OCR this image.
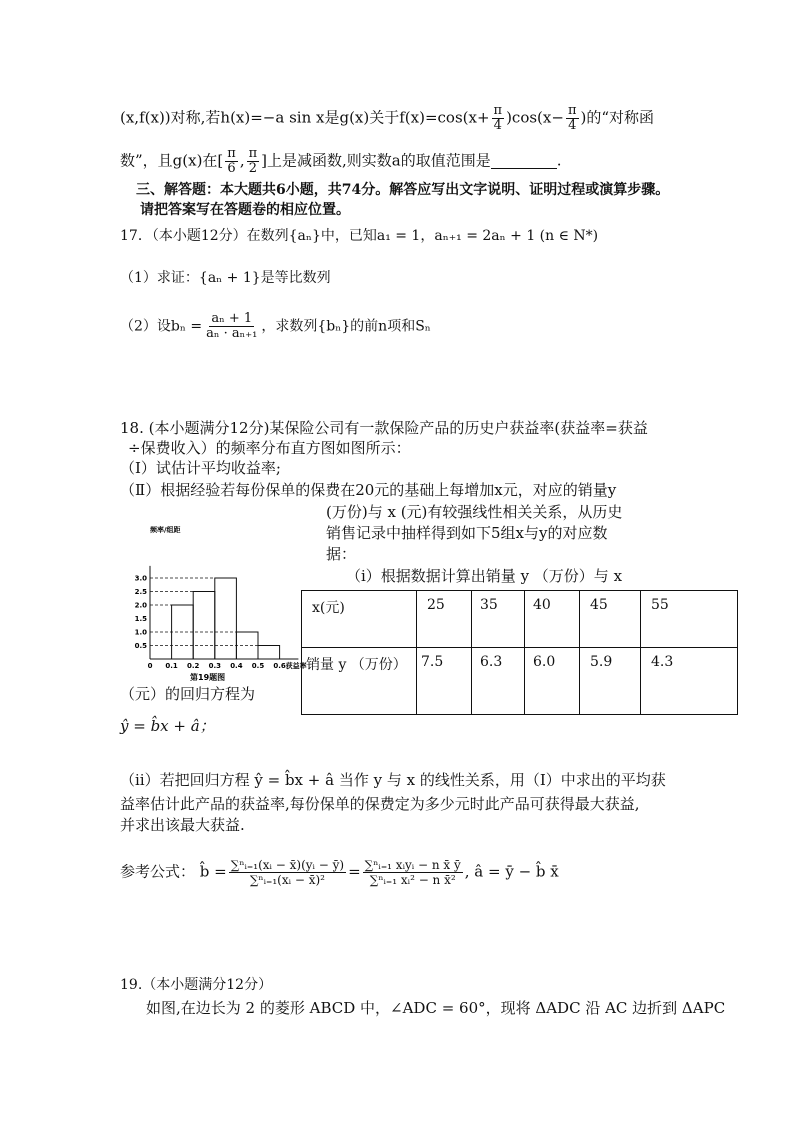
(x,f(x))对称,若h(x)=−a sin x是g(x)关于$f(x)=\cos(x+ \frac{\pi}{4} )\cos(x- \frac{\pi}{4}$ )的“对称函
数”，且g(x)在[ $\frac{\pi}{6}$ , $\frac{\pi}{2}$ ]上是减函数,则实数a的取值范围是	.
三、解答题：本大题共6小题，共74分。解答应写出文字说明、证明过程或演算步骤。
请把答案写在答题卷的相应位置。
17．（本小题12分）在数列{aₙ}中，已知a₁ = 1，aₙ₊₁ = 2aₙ + 1 (n ∈ N*)
（1）求证：{aₙ + 1}是等比数列
（2）设$b_n = \frac{\text{aₙ + 1}}{\text{aₙ · aₙ₊₁}}$ ，求数列{bₙ}的前n项和Sₙ
18. (本小题满分12分)某保险公司有一款保险产品的历史户获益率(获益率=获益
÷保费收入）的频率分布直方图如图所示：
（Ⅰ）试估计平均收益率;
（Ⅱ）根据经验若每份保单的保费在20元的基础上每增加x元，对应的销量y
(万份)与 x (元)有较强线性相关关系，从历史
销售记录中抽样得到如下5组x与y的对应数
据：
（ⅰ）根据数据计算出销量 y （万份）与 x
频率/组距
0.5
1.0
1.5
2.0
2.5
3.0
0 0.1 0.2 0.3 0.4 0.5 0.6 获益率
第19题图
x(元)	25	35	40	45	55
销量 y （万份）	7.5	6.3	6.0	5.9	4.3
（元）的回归方程为
ŷ = b̂x + â；
（ⅱ）若把回归方程 ŷ = b̂x + â 当作 y 与 x 的线性关系，用（Ⅰ）中求出的平均获
益率估计此产品的获益率,每份保单的保费定为多少元时此产品可获得最大获益,
并求出该最大获益.
参考公式： b̂ = $\frac{\text{∑ⁿᵢ₌₁(xᵢ − x̄)(yᵢ − ȳ)}}{\text{∑ⁿᵢ₌₁(xᵢ − x̄)²}} = \frac{\text{∑ⁿᵢ₌₁ xᵢyᵢ − n x̄ ȳ}}{\text{∑ⁿᵢ₌₁ xᵢ² − n x̄²}}$ , â = ȳ − b̂ x̄
19.（本小题满分12分）
如图,在边长为 2 的菱形 ABCD 中，∠ADC = 60°，现将 ΔADC 沿 AC 边折到 ΔAPC
